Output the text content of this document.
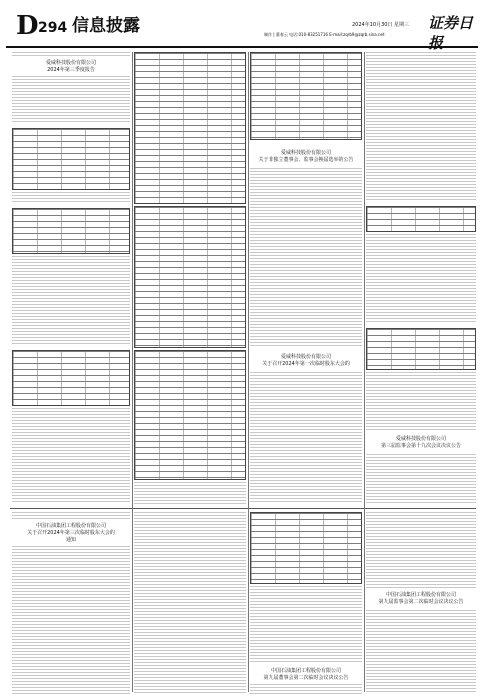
D 294 信息披露	2024年10月30日 星期三
制作 | 董春云 电话:010-83251716 E-mail:zqrb9@zqrb.sina.net
证券日报
爱威科技股份有限公司
2024年第三季度报告
爱威科技股份有限公司
关于非独立董事会、监事会换届选举的公告
爱威科技股份有限公司
关于召开2024年第一次临时股东大会的
爱威科技股份有限公司
第三届监事会第十九次会议决议公告
中国石油集团工程股份有限公司
关于召开2024年第三次临时股东大会的
通知
中国石油集团工程股份有限公司
第九届董事会第二次临时会议决议公告
中国石油集团工程股份有限公司
第九届监事会第二次临时会议决议公告
